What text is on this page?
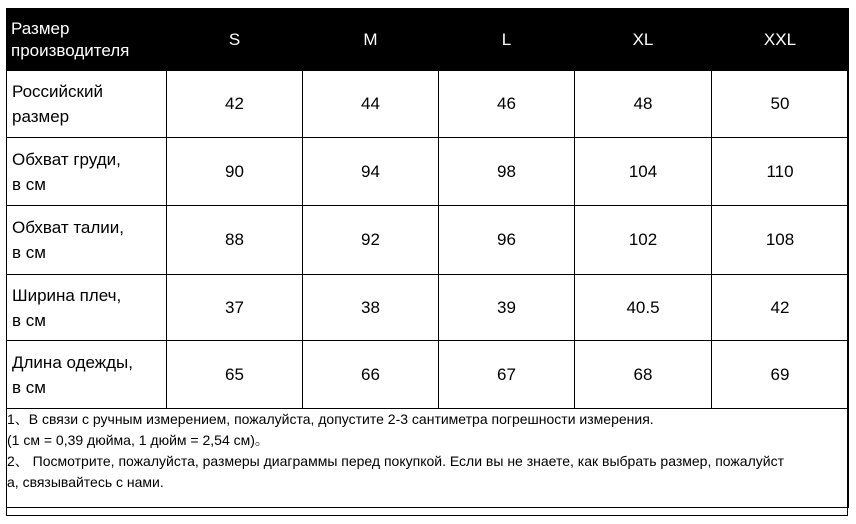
Размер
производителя	S	M	L	XL	XXL

Российский
размер	42	44	46	48	50

Обхват груди,
в см	90	94	98	104	110

Обхват талии,
в см	88	92	96	102	108

Ширина плеч,
в см	37	38	39	40.5	42

Длина одежды,
в см	65	66	67	68	69

1、В связи с ручным измерением, пожалуйста, допустите 2-3 сантиметра погрешности измерения.
(1 см = 0,39 дюйма, 1 дюйм = 2,54 см)。
2、 Посмотрите, пожалуйста, размеры диаграммы перед покупкой. Если вы не знаете, как выбрать размер, пожалуйст
а, связывайтесь с нами.					
